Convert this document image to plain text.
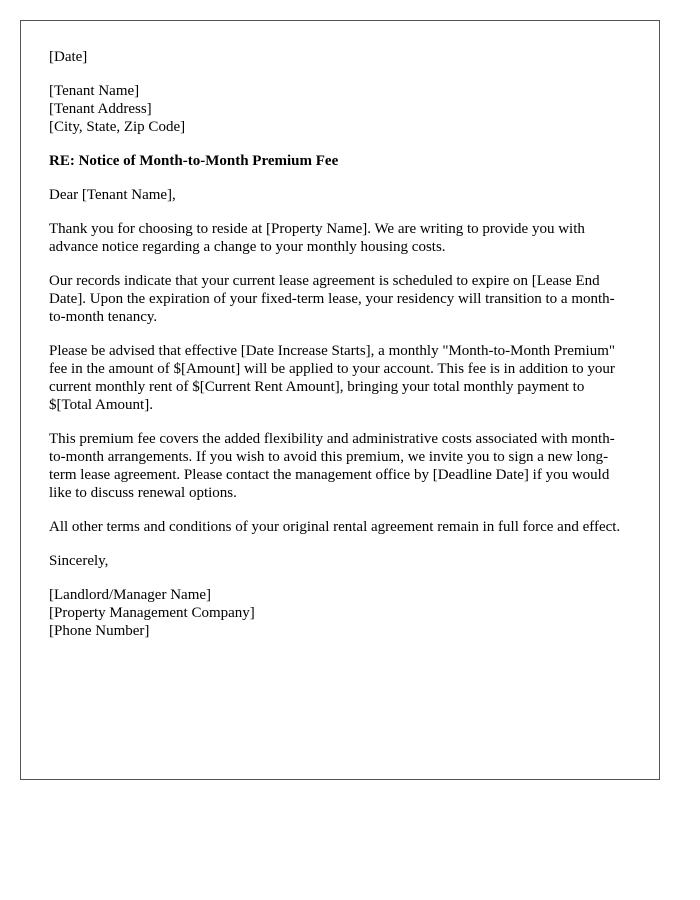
[Date]
[Tenant Name]
[Tenant Address]
[City, State, Zip Code]
RE: Notice of Month-to-Month Premium Fee
Dear [Tenant Name],

Thank you for choosing to reside at [Property Name]. We are writing to provide you with advance notice regarding a change to your monthly housing costs.

Our records indicate that your current lease agreement is scheduled to expire on [Lease End Date]. Upon the expiration of your fixed-term lease, your residency will transition to a month-to-month tenancy.

Please be advised that effective [Date Increase Starts], a monthly "Month-to-Month Premium" fee in the amount of $[Amount] will be applied to your account. This fee is in addition to your current monthly rent of $[Current Rent Amount], bringing your total monthly payment to $[Total Amount].

This premium fee covers the added flexibility and administrative costs associated with month-to-month arrangements. If you wish to avoid this premium, we invite you to sign a new long-term lease agreement. Please contact the management office by [Deadline Date] if you would like to discuss renewal options.

All other terms and conditions of your original rental agreement remain in full force and effect.

Sincerely,
[Landlord/Manager Name]
[Property Management Company]
[Phone Number]
